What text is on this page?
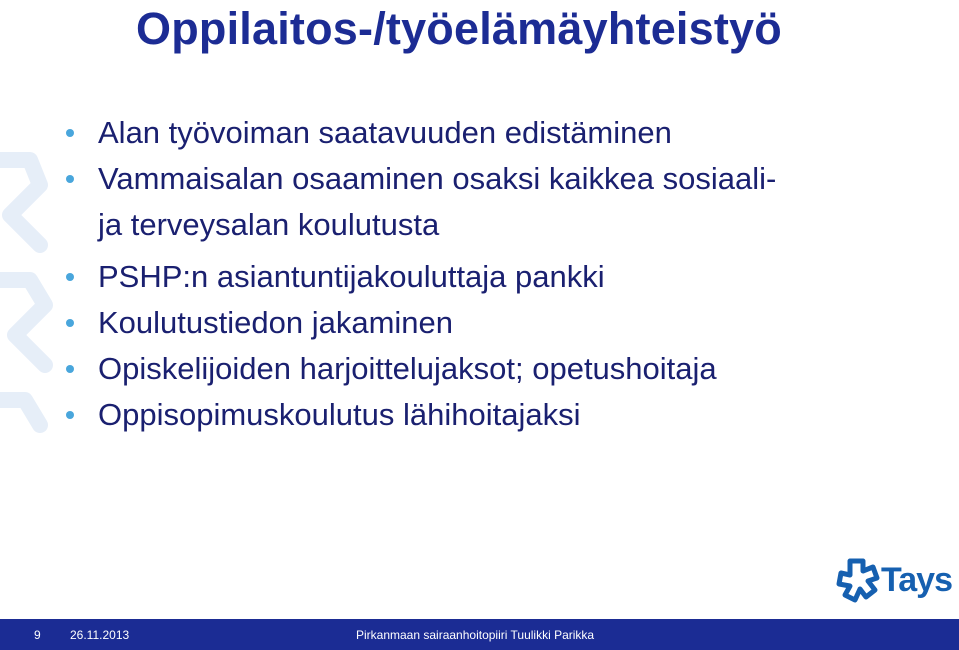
Oppilaitos-/työelämäyhteistyö
Alan työvoiman saatavuuden edistäminen
Vammaisalan osaaminen osaksi kaikkea sosiaali-
ja terveysalan koulutusta
PSHP:n asiantuntijakouluttaja pankki
Koulutustiedon jakaminen
Opiskelijoiden harjoittelujaksot; opetushoitaja
Oppisopimuskoulutus lähihoitajaksi
Tays
9 26.11.2013	Pirkanmaan sairaanhoitopiiri Tuulikki Parikka
